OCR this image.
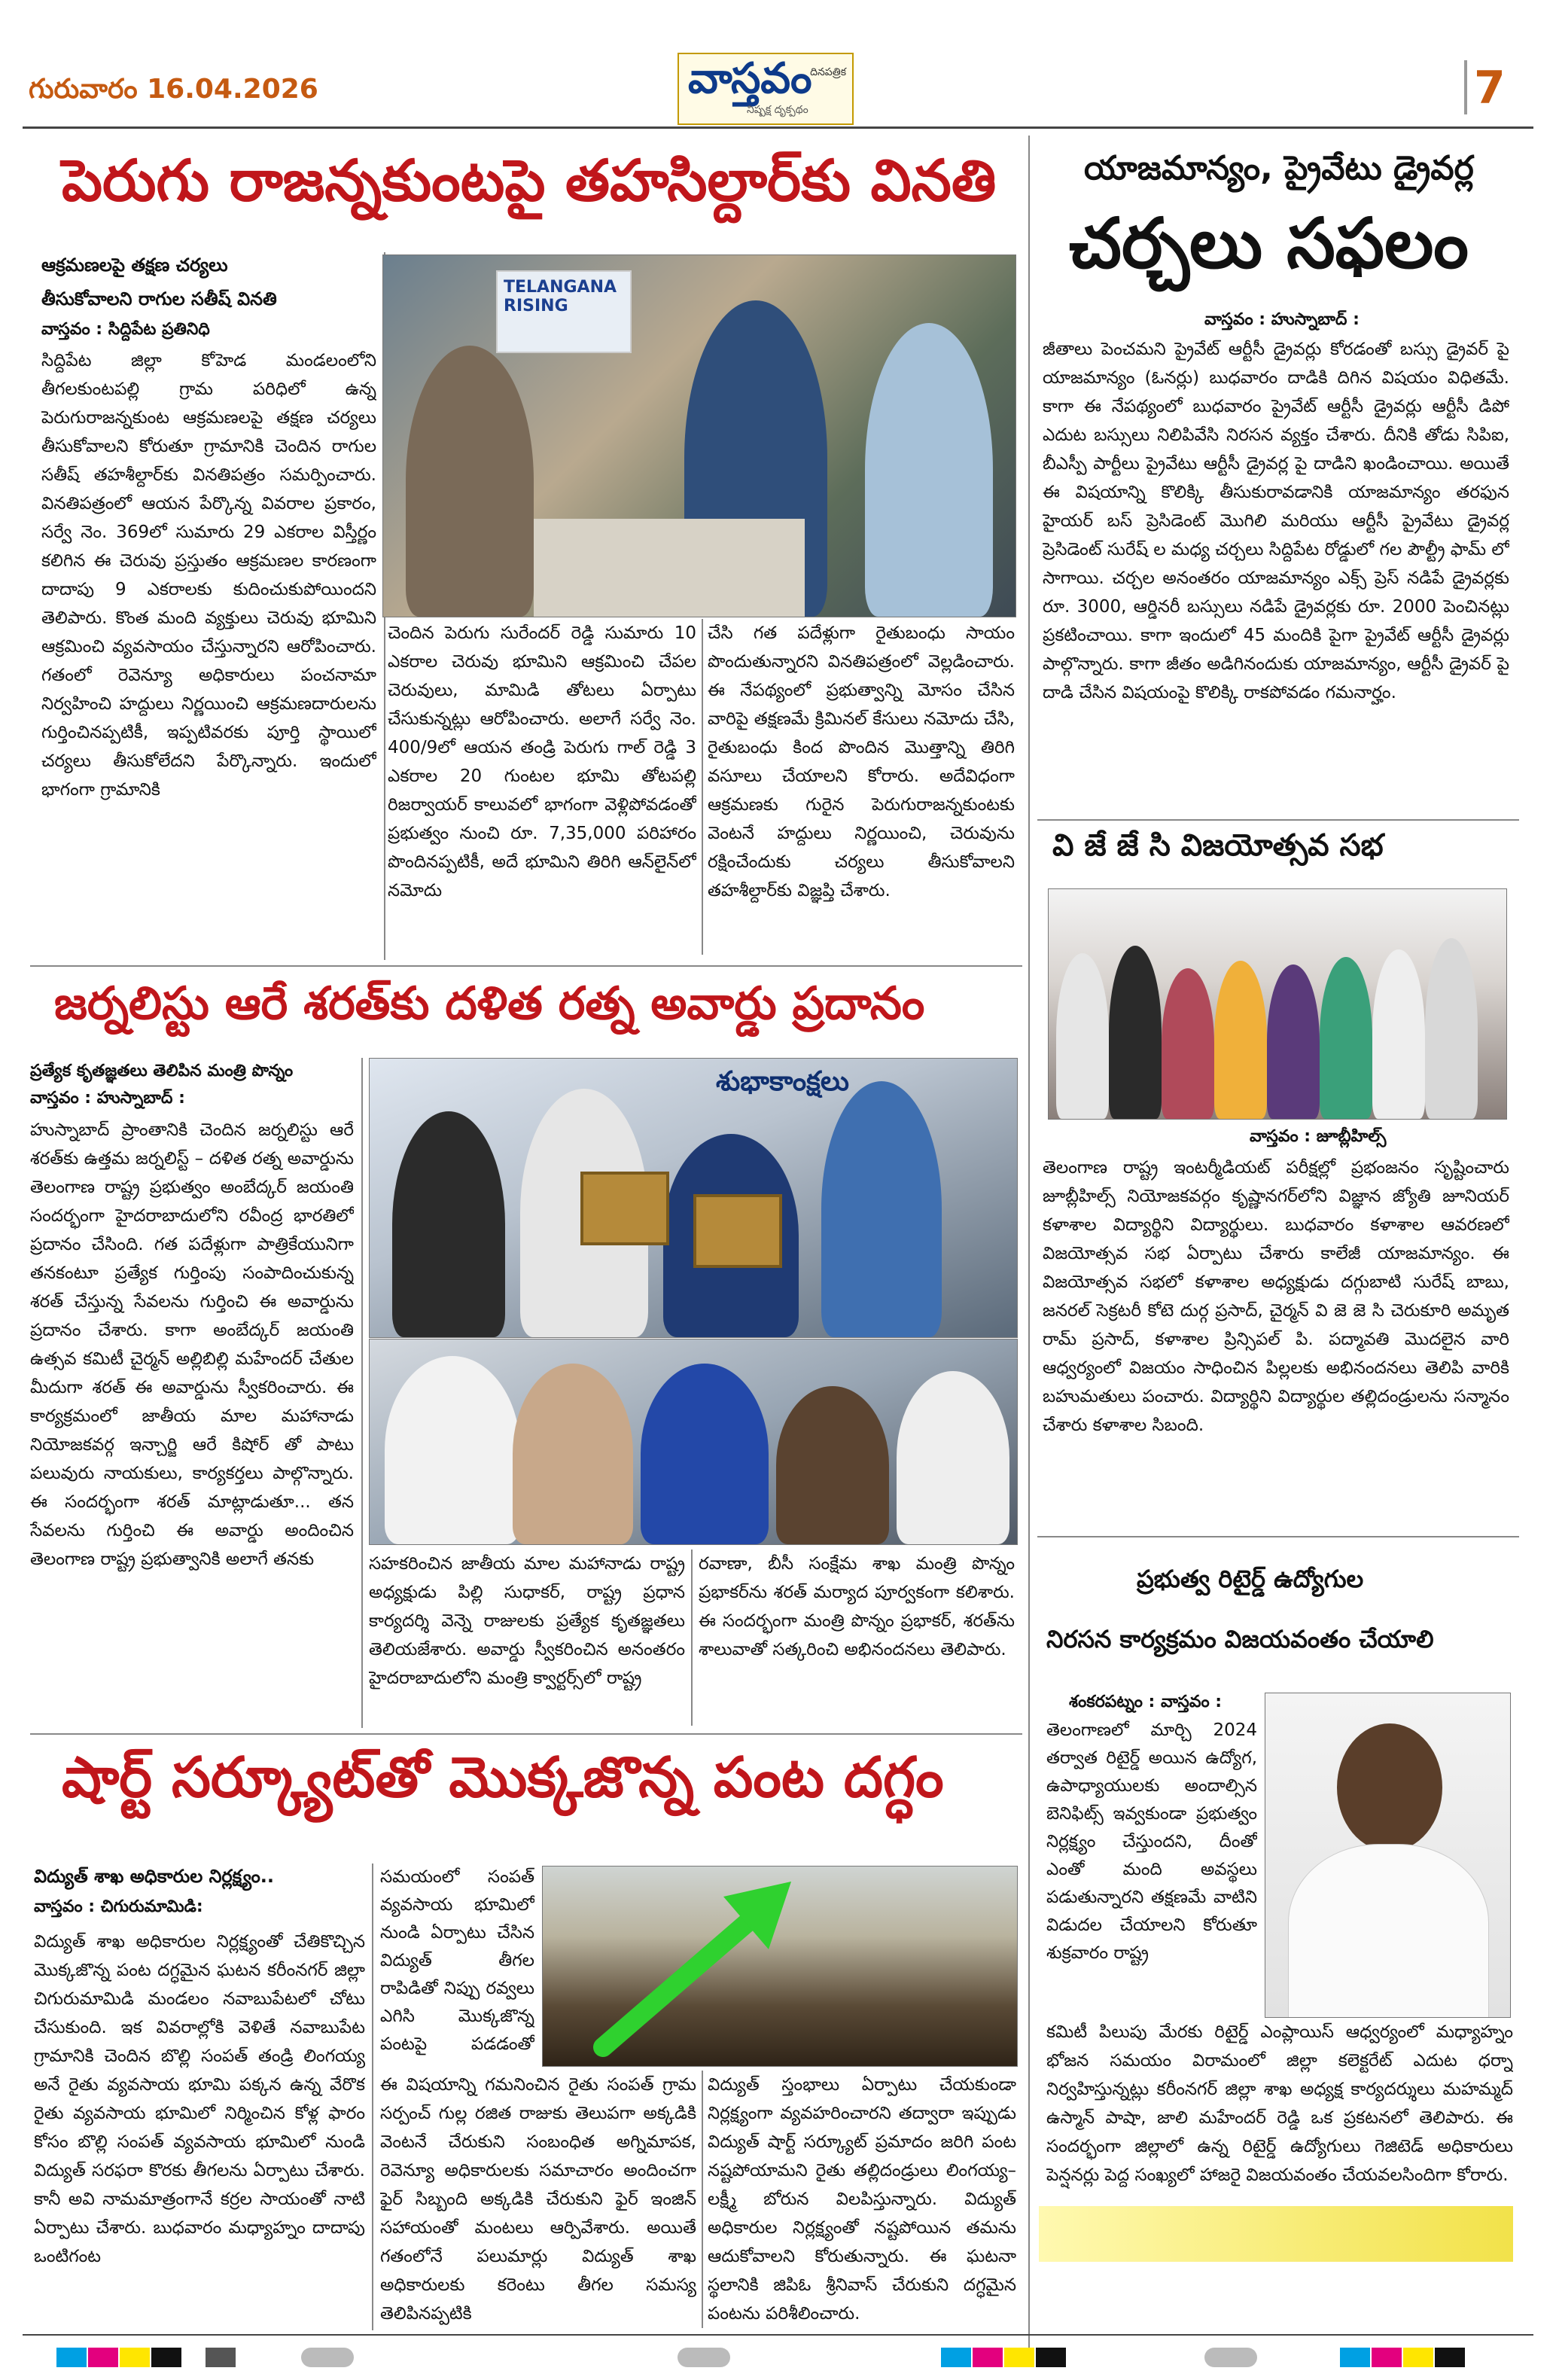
గురువారం 16.04.2026	వాస్తవం
దినపత్రిక
నిష్పక్ష దృక్పథం	7
పెరుగు రాజన్నకుంటపై తహసిల్దార్‌కు వినతి
ఆక్రమణలపై తక్షణ చర్యలు
తీసుకోవాలని రాగుల సతీష్ వినతి
వాస్తవం : సిద్దిపేట ప్రతినిధి
సిద్దిపేట జిల్లా కోహెడ మండలంలోని తీగలకుంటపల్లి గ్రామ పరిధిలో ఉన్న పెరుగురాజన్నకుంట ఆక్రమణలపై తక్షణ చర్యలు తీసుకోవాలని కోరుతూ గ్రామానికి చెందిన రాగుల సతీష్ తహశీల్దార్‌కు వినతిపత్రం సమర్పించారు. వినతిపత్రంలో ఆయన పేర్కొన్న వివరాల ప్రకారం, సర్వే నెం. 369లో సుమారు 29 ఎకరాల విస్తీర్ణం కలిగిన ఈ చెరువు ప్రస్తుతం ఆక్రమణల కారణంగా దాదాపు 9 ఎకరాలకు కుదించుకుపోయిందని తెలిపారు. కొంత మంది వ్యక్తులు చెరువు భూమిని ఆక్రమించి వ్యవసాయం చేస్తున్నారని ఆరోపించారు. గతంలో రెవెన్యూ అధికారులు పంచనామా నిర్వహించి హద్దులు నిర్ణయించి ఆక్రమణదారులను గుర్తించినప్పటికీ, ఇప్పటివరకు పూర్తి స్థాయిలో చర్యలు తీసుకోలేదని పేర్కొన్నారు. ఇందులో భాగంగా గ్రామానికి
TELANGANA RISING
చెందిన పెరుగు సురేందర్ రెడ్డి సుమారు 10 ఎకరాల చెరువు భూమిని ఆక్రమించి చేపల చెరువులు, మామిడి తోటలు ఏర్పాటు చేసుకున్నట్లు ఆరోపించారు. అలాగే సర్వే నెం. 400/9లో ఆయన తండ్రి పెరుగు గాల్ రెడ్డి 3 ఎకరాల 20 గుంటల భూమి తోటపల్లి రిజర్వాయర్ కాలువలో భాగంగా వెళ్లిపోవడంతో ప్రభుత్వం నుంచి రూ. 7,35,000 పరిహారం పొందినప్పటికీ, అదే భూమిని తిరిగి ఆన్‌లైన్‌లో నమోదు
చేసి గత పదేళ్లుగా రైతుబంధు సాయం పొందుతున్నారని వినతిపత్రంలో వెల్లడించారు. ఈ నేపథ్యంలో ప్రభుత్వాన్ని మోసం చేసిన వారిపై తక్షణమే క్రిమినల్ కేసులు నమోదు చేసి, రైతుబంధు కింద పొందిన మొత్తాన్ని తిరిగి వసూలు చేయాలని కోరారు. అదేవిధంగా ఆక్రమణకు గురైన పెరుగురాజన్నకుంటకు వెంటనే హద్దులు నిర్ణయించి, చెరువును రక్షించేందుకు చర్యలు తీసుకోవాలని తహశీల్దార్‌కు విజ్ఞప్తి చేశారు.
జర్నలిస్టు ఆరే శరత్‌కు దళిత రత్న అవార్డు ప్రదానం
ప్రత్యేక కృతజ్ఞతలు తెలిపిన మంత్రి పొన్నం
వాస్తవం : హుస్నాబాద్ :
హుస్నాబాద్ ప్రాంతానికి చెందిన జర్నలిస్టు ఆరే శరత్‌కు ఉత్తమ జర్నలిస్ట్ – దళిత రత్న అవార్డును తెలంగాణ రాష్ట్ర ప్రభుత్వం అంబేద్కర్ జయంతి సందర్భంగా హైదరాబాదులోని రవీంద్ర భారతిలో ప్రదానం చేసింది. గత పదేళ్లుగా పాత్రికేయునిగా తనకంటూ ప్రత్యేక గుర్తింపు సంపాదించుకున్న శరత్ చేస్తున్న సేవలను గుర్తించి ఈ అవార్డును ప్రదానం చేశారు. కాగా అంబేద్కర్ జయంతి ఉత్సవ కమిటీ చైర్మన్ అల్లిబిల్లి మహేందర్ చేతుల మీదుగా శరత్ ఈ అవార్డును స్వీకరించారు. ఈ కార్యక్రమంలో జాతీయ మాల మహానాడు నియోజకవర్గ ఇన్చార్జి ఆరే కిషోర్ తో పాటు పలువురు నాయకులు, కార్యకర్తలు పాల్గొన్నారు. ఈ సందర్భంగా శరత్ మాట్లాడుతూ... తన సేవలను గుర్తించి ఈ అవార్డు అందించిన తెలంగాణ రాష్ట్ర ప్రభుత్వానికి అలాగే తనకు
శుభాకాంక్షలు
సహకరించిన జాతీయ మాల మహానాడు రాష్ట్ర అధ్యక్షుడు పిల్లి సుధాకర్, రాష్ట్ర ప్రధాన కార్యదర్శి వెన్నె రాజులకు ప్రత్యేక కృతజ్ఞతలు తెలియజేశారు. అవార్డు స్వీకరించిన అనంతరం హైదరాబాదులోని మంత్రి క్వార్టర్స్‌లో రాష్ట్ర
రవాణా, బీసీ సంక్షేమ శాఖ మంత్రి పొన్నం ప్రభాకర్‌ను శరత్ మర్యాద పూర్వకంగా కలిశారు. ఈ సందర్భంగా మంత్రి పొన్నం ప్రభాకర్, శరత్‌ను శాలువాతో సత్కరించి అభినందనలు తెలిపారు.
షార్ట్ సర్క్యూట్‌తో మొక్కజొన్న పంట దగ్ధం
విద్యుత్ శాఖ అధికారుల నిర్లక్ష్యం..
వాస్తవం : చిగురుమామిడి:
విద్యుత్ శాఖ అధికారుల నిర్లక్ష్యంతో చేతికొచ్చిన మొక్కజొన్న పంట దగ్ధమైన ఘటన కరీంనగర్ జిల్లా చిగురుమామిడి మండలం నవాబుపేటలో చోటు చేసుకుంది. ఇక వివరాల్లోకి వెళితే నవాబుపేట గ్రామానికి చెందిన బొల్లి సంపత్ తండ్రి లింగయ్య అనే రైతు వ్యవసాయ భూమి పక్కన ఉన్న వేరొక రైతు వ్యవసాయ భూమిలో నిర్మించిన కోళ్ల ఫారం కోసం బొల్లి సంపత్ వ్యవసాయ భూమిలో నుండి విద్యుత్ సరఫరా కొరకు తీగలను ఏర్పాటు చేశారు. కానీ అవి నామమాత్రంగానే కర్రల సాయంతో నాటి ఏర్పాటు చేశారు. బుధవారం మధ్యాహ్నం దాదాపు ఒంటిగంట
సమయంలో సంపత్ వ్యవసాయ భూమిలో నుండి ఏర్పాటు చేసిన విద్యుత్ తీగల రాపిడితో నిప్పు రవ్వలు ఎగిసి మొక్కజొన్న పంటపై పడడంతో
ఈ విషయాన్ని గమనించిన రైతు సంపత్ గ్రామ సర్పంచ్ గుల్ల రజిత రాజుకు తెలుపగా అక్కడికి వెంటనే చేరుకుని సంబంధిత అగ్నిమాపక, రెవెన్యూ అధికారులకు సమాచారం అందించగా ఫైర్ సిబ్బంది అక్కడికి చేరుకుని ఫైర్ ఇంజిన్ సహాయంతో మంటలు ఆర్పివేశారు. అయితే గతంలోనే పలుమార్లు విద్యుత్ శాఖ అధికారులకు కరెంటు తీగల సమస్య తెలిపినప్పటికి
విద్యుత్ స్తంభాలు ఏర్పాటు చేయకుండా నిర్లక్ష్యంగా వ్యవహరించారని తద్వారా ఇప్పుడు విద్యుత్ షార్ట్ సర్క్యూట్ ప్రమాదం జరిగి పంట నష్టపోయామని రైతు తల్లిదండ్రులు లింగయ్య–లక్ష్మీ బోరున విలపిస్తున్నారు. విద్యుత్ అధికారుల నిర్లక్ష్యంతో నష్టపోయిన తమను ఆదుకోవాలని కోరుతున్నారు. ఈ ఘటనా స్థలానికి జిపిఓ శ్రీనివాస్ చేరుకుని దగ్ధమైన పంటను పరిశీలించారు.
యాజమాన్యం, ప్రైవేటు డ్రైవర్ల
చర్చలు సఫలం
వాస్తవం : హుస్నాబాద్ :
జీతాలు పెంచమని ప్రైవేట్ ఆర్టీసీ డ్రైవర్లు కోరడంతో బస్సు డ్రైవర్ పై యాజమాన్యం (ఓనర్లు) బుధవారం దాడికి దిగిన విషయం విధితమే. కాగా ఈ నేపథ్యంలో బుధవారం ప్రైవేట్ ఆర్టీసీ డ్రైవర్లు ఆర్టీసీ డిపో ఎదుట బస్సులు నిలిపివేసి నిరసన వ్యక్తం చేశారు. దీనికి తోడు సిపిఐ, బీఎస్పీ పార్టీలు ప్రైవేటు ఆర్టీసీ డ్రైవర్ల పై దాడిని ఖండించాయి. అయితే ఈ విషయాన్ని కొలిక్కి తీసుకురావడానికి యాజమాన్యం తరఫున హైయర్ బస్ ప్రెసిడెంట్ మొగిలి మరియు ఆర్టీసీ ప్రైవేటు డ్రైవర్ల ప్రెసిడెంట్ సురేష్ ల మధ్య చర్చలు సిద్దిపేట రోడ్డులో గల పౌల్ట్రీ ఫామ్ లో సాగాయి. చర్చల అనంతరం యాజమాన్యం ఎక్స్ ప్రెస్ నడిపే డ్రైవర్లకు రూ. 3000, ఆర్డినరీ బస్సులు నడిపే డ్రైవర్లకు రూ. 2000 పెంచినట్లు ప్రకటించాయి. కాగా ఇందులో 45 మందికి పైగా ప్రైవేట్ ఆర్టీసీ డ్రైవర్లు పాల్గొన్నారు. కాగా జీతం అడిగినందుకు యాజమాన్యం, ఆర్టీసీ డ్రైవర్ పై దాడి చేసిన విషయంపై కొలిక్కి రాకపోవడం గమనార్హం.
వి జే జే సి విజయోత్సవ సభ
వాస్తవం : జూబ్లీహిల్స్
తెలంగాణ రాష్ట్ర ఇంటర్మీడియట్ పరీక్షల్లో ప్రభంజనం సృష్టించారు జూబ్లీహిల్స్ నియోజకవర్గం కృష్ణానగర్‌లోని విజ్ఞాన జ్యోతి జూనియర్ కళాశాల విద్యార్థిని విద్యార్థులు. బుధవారం కళాశాల ఆవరణలో విజయోత్సవ సభ ఏర్పాటు చేశారు కాలేజీ యాజమాన్యం. ఈ విజయోత్సవ సభలో కళాశాల అధ్యక్షుడు దగ్గుబాటి సురేష్ బాబు, జనరల్ సెక్రటరీ కోటె దుర్గ ప్రసాద్, చైర్మన్ వి జె జె సి చెరుకూరి అమృత రామ్ ప్రసాద్, కళాశాల ప్రిన్సిపల్ పి. పద్మావతి మొదలైన వారి ఆధ్వర్యంలో విజయం సాధించిన పిల్లలకు అభినందనలు తెలిపి వారికి బహుమతులు పంచారు. విద్యార్థిని విద్యార్థుల తల్లిదండ్రులను సన్మానం చేశారు కళాశాల సిబంది.
ప్రభుత్వ రిటైర్డ్ ఉద్యోగుల
నిరసన కార్యక్రమం విజయవంతం చేయాలి
శంకరపట్నం : వాస్తవం :
తెలంగాణలో మార్చి 2024 తర్వాత రిటైర్డ్ అయిన ఉద్యోగ, ఉపాధ్యాయులకు అందాల్సిన బెనిఫిట్స్ ఇవ్వకుండా ప్రభుత్వం నిర్లక్ష్యం చేస్తుందని, దీంతో ఎంతో మంది అవస్థలు పడుతున్నారని తక్షణమే వాటిని విడుదల చేయాలని కోరుతూ శుక్రవారం రాష్ట్ర
కమిటీ పిలుపు మేరకు రిటైర్డ్ ఎంప్లాయిస్ ఆధ్వర్యంలో మధ్యాహ్నం భోజన సమయం విరామంలో జిల్లా కలెక్టరేట్ ఎదుట ధర్నా నిర్వహిస్తున్నట్లు కరీంనగర్ జిల్లా శాఖ అధ్యక్ష కార్యదర్శులు మహమ్మద్ ఉస్మాన్ పాషా, జాలి మహేందర్ రెడ్డి ఒక ప్రకటనలో తెలిపారు. ఈ సందర్భంగా జిల్లాలో ఉన్న రిటైర్డ్ ఉద్యోగులు గెజిటెడ్ అధికారులు పెన్షనర్లు పెద్ద సంఖ్యలో హాజరై విజయవంతం చేయవలసిందిగా కోరారు.
